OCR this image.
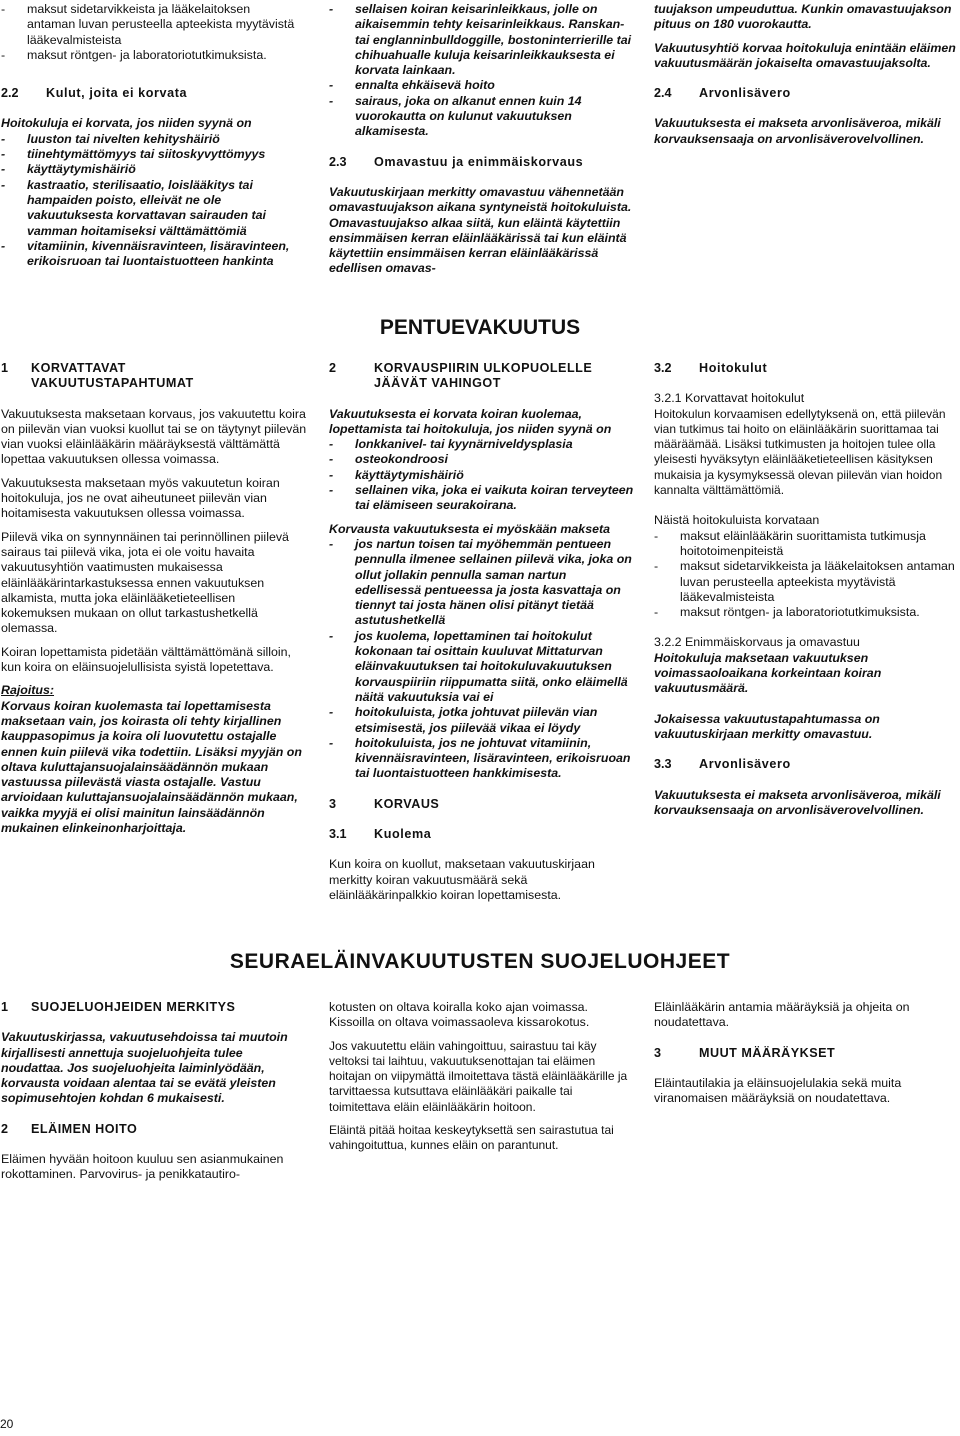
- maksut sidetarvikkeista ja lääkelaitoksen antaman luvan perusteella apteekista myytävistä lääkevalmisteista
- maksut röntgen- ja laboratoriotutkimuksista.
2.2 Kulut, joita ei korvata

Hoitokuluja ei korvata, jos niiden syynä on

- luuston tai nivelten kehityshäiriö
- tiinehtymättömyys tai siitoskyvyttömyys
- käyttäytymishäiriö
- kastraatio, sterilisaatio, loislääkitys tai hampaiden poisto, elleivät ne ole vakuutuksesta korvattavan sairauden tai vamman hoitamiseksi välttämättömiä
- vitamiinin, kivennäisravinteen, lisäravinteen, erikoisruoan tai luontaistuotteen hankinta
- sellaisen koiran keisarinleikkaus, jolle on aikaisemmin tehty keisarinleikkaus. Ranskan- tai englanninbulldoggille, bostoninterrierille tai chihuahualle kuluja keisarinleikkauksesta ei korvata lainkaan.
- ennalta ehkäisevä hoito
- sairaus, joka on alkanut ennen kuin 14 vuorokautta on kulunut vakuutuksen alkamisesta.
2.3 Omavastuu ja enimmäiskorvaus

Vakuutuskirjaan merkitty omavastuu vähennetään omavastuujakson aikana syntyneistä hoitokuluista. Omavastuujakso alkaa siitä, kun eläintä käytettiin ensimmäisen kerran eläinlääkärissä tai kun eläintä käytettiin ensimmäisen kerran eläinlääkärissä edellisen omavas-

tuujakson umpeuduttua. Kunkin omavastuujakson pituus on 180 vuorokautta.

Vakuutusyhtiö korvaa hoitokuluja enintään eläimen vakuutusmäärän jokaiselta omavastuujaksolta.

2.4 Arvonlisävero

Vakuutuksesta ei makseta arvonlisäveroa, mikäli korvauksensaaja on arvonlisäverovelvollinen.

PENTUEVAKUUTUS
1	KORVATTAVAT VAKUUTUSTAPAHTUMAT

Vakuutuksesta maksetaan korvaus, jos vakuutettu koira on piilevän vian vuoksi kuollut tai se on täytynyt piilevän vian vuoksi eläinlääkärin määräyksestä välttämättä lopettaa vakuutuksen ollessa voimassa.

Vakuutuksesta maksetaan myös vakuutetun koiran hoitokuluja, jos ne ovat aiheutuneet piilevän vian hoitamisesta vakuutuksen ollessa voimassa.

Piilevä vika on synnynnäinen tai perinnöllinen piilevä sairaus tai piilevä vika, jota ei ole voitu havaita vakuutusyhtiön vaatimusten mukaisessa eläinlääkärintarkastuksessa ennen vakuutuksen alkamista, mutta joka eläinlääketieteellisen kokemuksen mukaan on ollut tarkastushetkellä olemassa.

Koiran lopettamista pidetään välttämättömänä silloin, kun koira on eläinsuojelullisista syistä lopetettava.

Rajoitus:

Korvaus koiran kuolemasta tai lopettamisesta maksetaan vain, jos koirasta oli tehty kirjallinen kauppasopimus ja koira oli luovutettu ostajalle ennen kuin piilevä vika todettiin. Lisäksi myyjän on oltava kuluttajansuojalainsäädännön mukaan vastuussa piilevästä viasta ostajalle. Vastuu arvioidaan kuluttajansuojalainsäädännön mukaan, vaikka myyjä ei olisi mainitun lainsäädännön mukainen elinkeinonharjoittaja.

2	KORVAUSPIIRIN ULKOPUOLELLE JÄÄVÄT VAHINGOT

Vakuutuksesta ei korvata koiran kuolemaa, lopettamista tai hoitokuluja, jos niiden syynä on

- lonkkanivel- tai kyynärniveldysplasia
- osteokondroosi
- käyttäytymishäiriö
- sellainen vika, joka ei vaikuta koiran terveyteen tai elämiseen seurakoirana.

Korvausta vakuutuksesta ei myöskään makseta

- jos nartun toisen tai myöhemmän pentueen pennulla ilmenee sellainen piilevä vika, joka on ollut jollakin pennulla saman nartun edellisessä pentueessa ja josta kasvattaja on tiennyt tai josta hänen olisi pitänyt tietää astutushetkellä
- jos kuolema, lopettaminen tai hoitokulut kokonaan tai osittain kuuluvat Mittaturvan eläinvakuutuksen tai hoitokuluvakuutuksen korvauspiiriin riippumatta siitä, onko eläimellä näitä vakuutuksia vai ei
- hoitokuluista, jotka johtuvat piilevän vian etsimisestä, jos piilevää vikaa ei löydy
- hoitokuluista, jos ne johtuvat vitamiinin, kivennäisravinteen, lisäravinteen, erikoisruoan tai luontaistuotteen hankkimisesta.
3	KORVAUS
3.1 Kuolema

Kun koira on kuollut, maksetaan vakuutuskirjaan merkitty koiran vakuutusmäärä sekä eläinlääkärinpalkkio koiran lopettamisesta.

3.2 Hoitokulut

3.2.1 Korvattavat hoitokulut

Hoitokulun korvaamisen edellytyksenä on, että piilevän vian tutkimus tai hoito on eläinlääkärin suorittamaa tai määräämää. Lisäksi tutkimusten ja hoitojen tulee olla yleisesti hyväksytyn eläinlääketieteellisen käsityksen mukaisia ja kysymyksessä olevan piilevän vian hoidon kannalta välttämättömiä.

Näistä hoitokuluista korvataan

- maksut eläinlääkärin suorittamista tutkimusja hoitotoimenpiteistä
- maksut sidetarvikkeista ja lääkelaitoksen antaman luvan perusteella apteekista myytävistä lääkevalmisteista
- maksut röntgen- ja laboratoriotutkimuksista.

3.2.2 Enimmäiskorvaus ja omavastuu

Hoitokuluja maksetaan vakuutuksen voimassaoloaikana korkeintaan koiran vakuutusmäärä.

Jokaisessa vakuutustapahtumassa on vakuutuskirjaan merkitty omavastuu.

3.3 Arvonlisävero

Vakuutuksesta ei makseta arvonlisäveroa, mikäli korvauksensaaja on arvonlisäverovelvollinen.

SEURAELÄINVAKUUTUSTEN SUOJELUOHJEET
1 SUOJELUOHJEIDEN MERKITYS

Vakuutuskirjassa, vakuutusehdoissa tai muutoin kirjallisesti annettuja suojeluohjeita tulee noudattaa. Jos suojeluohjeita laiminlyödään, korvausta voidaan alentaa tai se evätä yleisten sopimusehtojen kohdan 6 mukaisesti.

2 ELÄIMEN HOITO

Eläimen hyvään hoitoon kuuluu sen asianmukainen rokottaminen. Parvovirus- ja penikkatautiro-

kotusten on oltava koiralla koko ajan voimassa. Kissoilla on oltava voimassaoleva kissarokotus.

Jos vakuutettu eläin vahingoittuu, sairastuu tai käy veltoksi tai laihtuu, vakuutuksenottajan tai eläimen hoitajan on viipymättä ilmoitettava tästä eläinlääkärille ja tarvittaessa kutsuttava eläinlääkäri paikalle tai toimitettava eläin eläinlääkärin hoitoon.

Eläintä pitää hoitaa keskeytyksettä sen sairastutua tai vahingoituttua, kunnes eläin on parantunut.

Eläinlääkärin antamia määräyksiä ja ohjeita on noudatettava.

3	MUUT MÄÄRÄYKSET

Eläintautilakia ja eläinsuojelulakia sekä muita viranomaisen määräyksiä on noudatettava.

20
